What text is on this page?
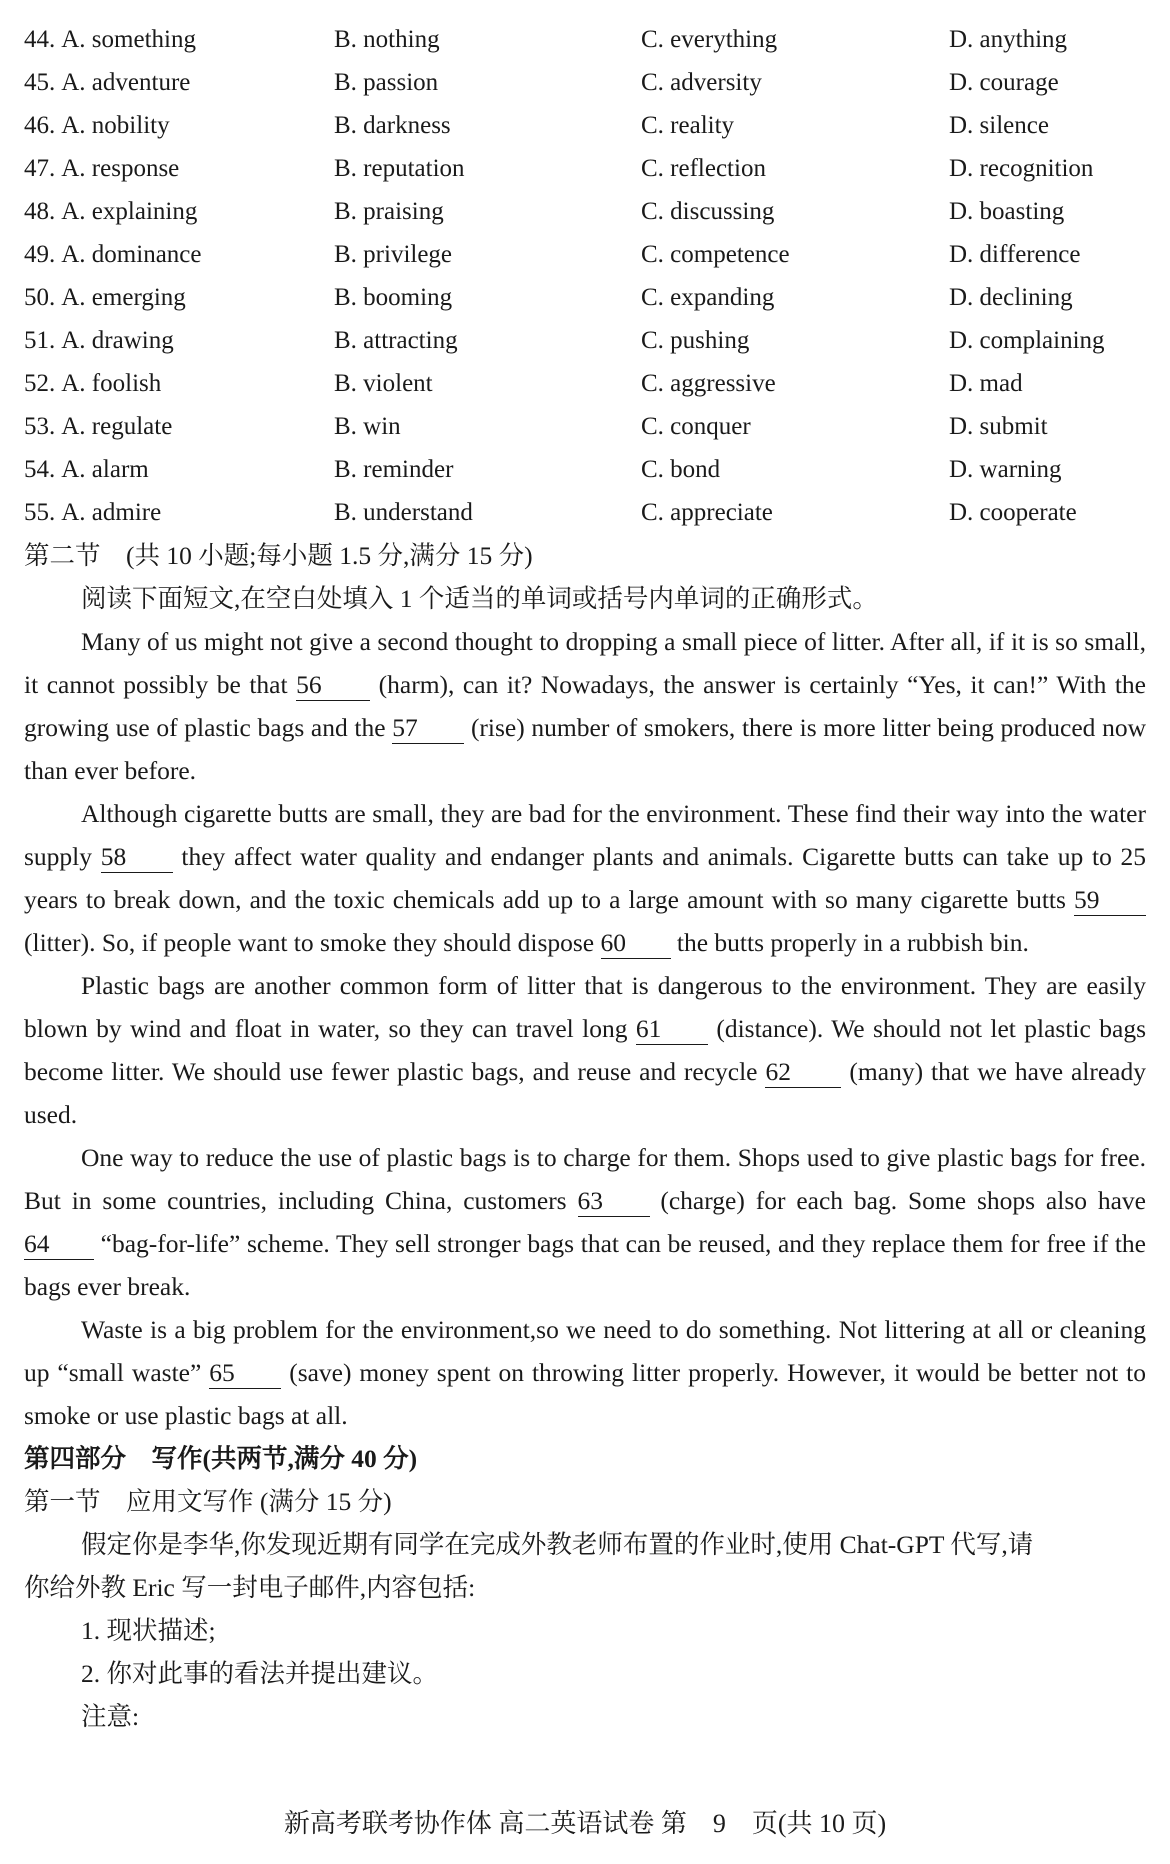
44. A. something	B. nothing	C. everything	D. anything
45. A. adventure	B. passion	C. adversity	D. courage
46. A. nobility	B. darkness	C. reality	D. silence
47. A. response	B. reputation	C. reflection	D. recognition
48. A. explaining	B. praising	C. discussing	D. boasting
49. A. dominance	B. privilege	C. competence	D. difference
50. A. emerging	B. booming	C. expanding	D. declining
51. A. drawing	B. attracting	C. pushing	D. complaining
52. A. foolish	B. violent	C. aggressive	D. mad
53. A. regulate	B. win	C. conquer	D. submit
54. A. alarm	B. reminder	C. bond	D. warning
55. A. admire	B. understand	C. appreciate	D. cooperate
第二节　(共 10 小题;每小题 1.5 分,满分 15 分)
阅读下面短文,在空白处填入 1 个适当的单词或括号内单词的正确形式。
Many of us might not give a second thought to dropping a small piece of litter. After all, if it is so small, it cannot possibly be that 56 (harm), can it? Nowadays, the answer is certainly “Yes, it can!” With the growing use of plastic bags and the 57 (rise) number of smokers, there is more litter being produced now than ever before.
Although cigarette butts are small, they are bad for the environment. These find their way into the water supply 58 they affect water quality and endanger plants and animals. Cigarette butts can take up to 25 years to break down, and the toxic chemicals add up to a large amount with so many cigarette butts 59 (litter). So, if people want to smoke they should dispose 60 the butts properly in a rubbish bin.
Plastic bags are another common form of litter that is dangerous to the environment. They are easily blown by wind and float in water, so they can travel long 61 (distance). We should not let plastic bags become litter. We should use fewer plastic bags, and reuse and recycle 62 (many) that we have already used.
One way to reduce the use of plastic bags is to charge for them. Shops used to give plastic bags for free. But in some countries, including China, customers 63 (charge) for each bag. Some shops also have 64 “bag-for-life” scheme. They sell stronger bags that can be reused, and they replace them for free if the bags ever break.
Waste is a big problem for the environment,so we need to do something. Not littering at all or cleaning up “small waste” 65 (save) money spent on throwing litter properly. However, it would be better not to smoke or use plastic bags at all.
第四部分　写作(共两节,满分 40 分)
第一节　应用文写作 (满分 15 分)
假定你是李华,你发现近期有同学在完成外教老师布置的作业时,使用 Chat-GPT 代写,请
你给外教 Eric 写一封电子邮件,内容包括:
1. 现状描述;
2. 你对此事的看法并提出建议。
注意:
新高考联考协作体 高二英语试卷 第　9　页(共 10 页)
